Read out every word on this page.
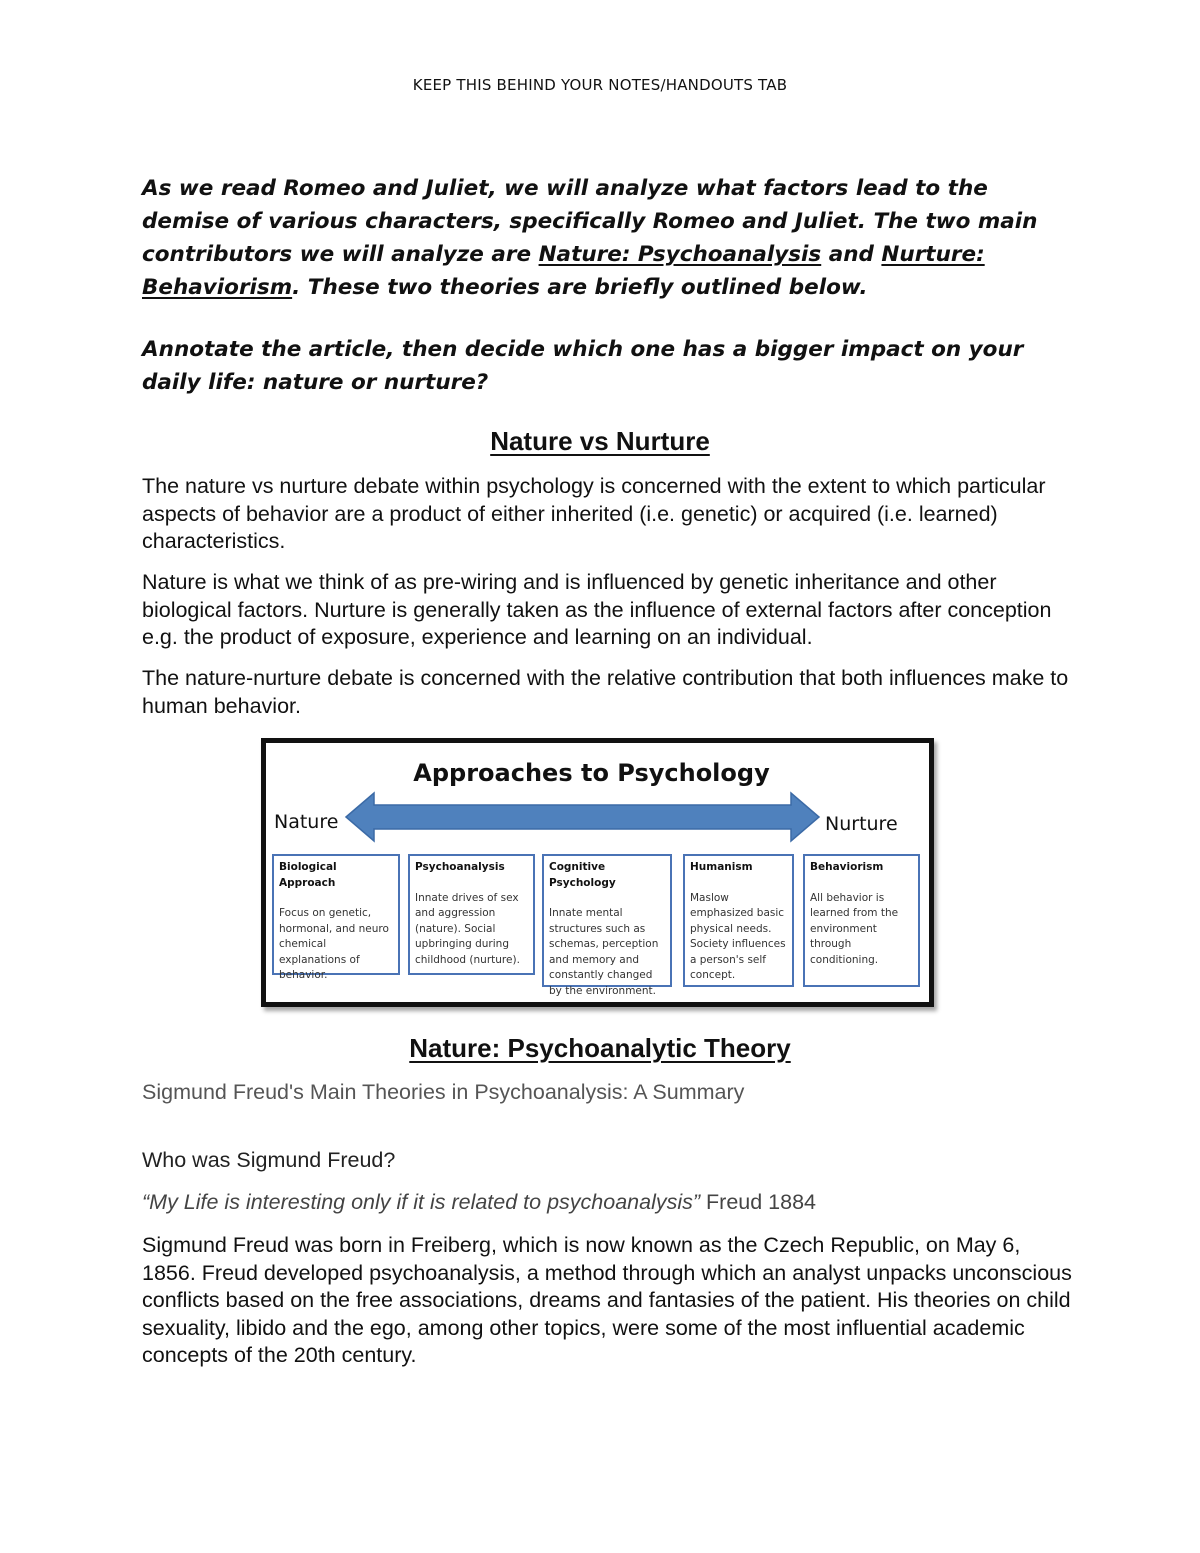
KEEP THIS BEHIND YOUR NOTES/HANDOUTS TAB
As we read Romeo and Juliet, we will analyze what factors lead to the demise of various characters, specifically Romeo and Juliet. The two main contributors we will analyze are Nature: Psychoanalysis and Nurture: Behaviorism. These two theories are briefly outlined below.
Annotate the article, then decide which one has a bigger impact on your daily life: nature or nurture?
Nature vs Nurture
The nature vs nurture debate within psychology is concerned with the extent to which particular aspects of behavior are a product of either inherited (i.e. genetic) or acquired (i.e. learned) characteristics.
Nature is what we think of as pre-wiring and is influenced by genetic inheritance and other biological factors. Nurture is generally taken as the influence of external factors after conception e.g. the product of exposure, experience and learning on an individual.
The nature-nurture debate is concerned with the relative contribution that both influences make to human behavior.
Approaches to Psychology
Nature	Nurture
Biological Approach
Focus on genetic, hormonal, and neuro chemical explanations of behavior.
Psychoanalysis
Innate drives of sex and aggression (nature). Social upbringing during childhood (nurture).
Cognitive Psychology
Innate mental structures such as schemas, perception and memory and constantly changed by the environment.
Humanism
Maslow emphasized basic physical needs. Society influences a person's self concept.
Behaviorism
All behavior is learned from the environment through conditioning.
Nature: Psychoanalytic Theory
Sigmund Freud's Main Theories in Psychoanalysis: A Summary
Who was Sigmund Freud?
“My Life is interesting only if it is related to psychoanalysis” Freud 1884
Sigmund Freud was born in Freiberg, which is now known as the Czech Republic, on May 6, 1856. Freud developed psychoanalysis, a method through which an analyst unpacks unconscious conflicts based on the free associations, dreams and fantasies of the patient. His theories on child sexuality, libido and the ego, among other topics, were some of the most influential academic concepts of the 20th century.
